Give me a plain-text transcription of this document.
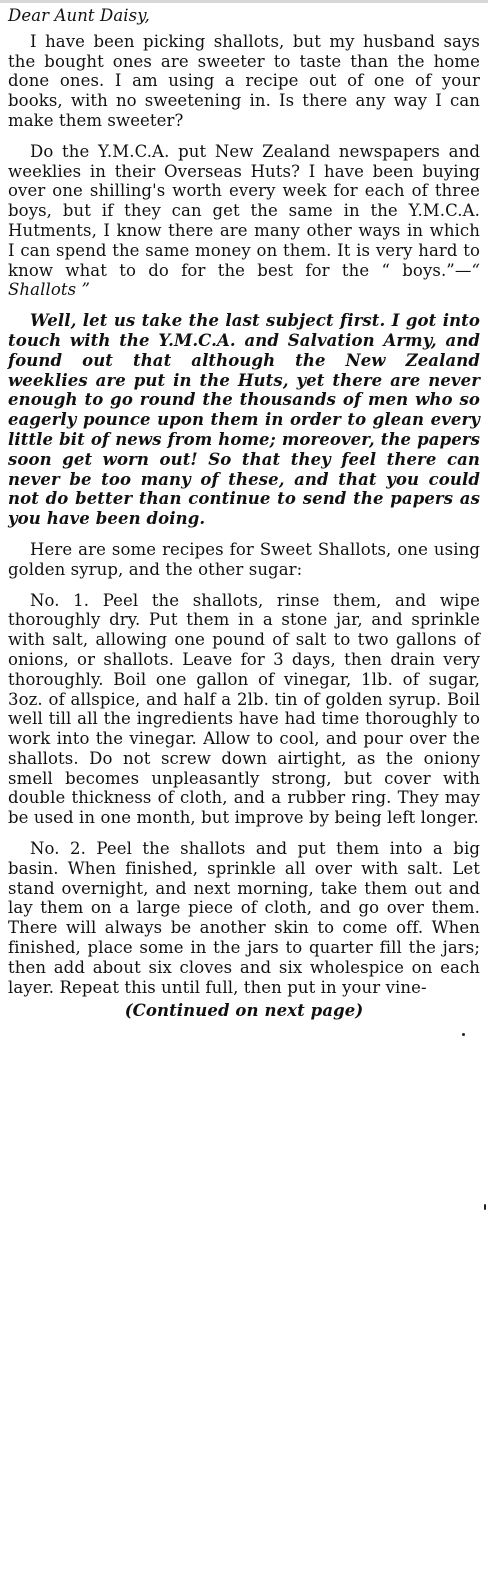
Dear Aunt Daisy,

I have been picking shallots, but my husband says the bought ones are sweeter to taste than the home done ones. I am using a recipe out of one of your books, with no sweetening in. Is there any way I can make them sweeter?

Do the Y.M.C.A. put New Zealand newspapers and weeklies in their Overseas Huts? I have been buying over one shilling's worth every week for each of three boys, but if they can get the same in the Y.M.C.A. Hutments, I know there are many other ways in which I can spend the same money on them. It is very hard to know what to do for the best for the “ boys.”—“ Shallots ”

Well, let us take the last subject first. I got into touch with the Y.M.C.A. and Salvation Army, and found out that although the New Zealand weeklies are put in the Huts, yet there are never enough to go round the thousands of men who so eagerly pounce upon them in order to glean every little bit of news from home; moreover, the papers soon get worn out! So that they feel there can never be too many of these, and that you could not do better than continue to send the papers as you have been doing.

Here are some recipes for Sweet Shallots, one using golden syrup, and the other sugar:

No. 1. Peel the shallots, rinse them, and wipe thoroughly dry. Put them in a stone jar, and sprinkle with salt, allowing one pound of salt to two gallons of onions, or shallots. Leave for 3 days, then drain very thoroughly. Boil one gallon of vinegar, 1lb. of sugar, 3oz. of allspice, and half a 2lb. tin of golden syrup. Boil well till all the ingredients have had time thoroughly to work into the vinegar. Allow to cool, and pour over the shallots. Do not screw down airtight, as the oniony smell becomes unpleasantly strong, but cover with double thickness of cloth, and a rubber ring. They may be used in one month, but improve by being left longer.

No. 2. Peel the shallots and put them into a big basin. When finished, sprinkle all over with salt. Let stand overnight, and next morning, take them out and lay them on a large piece of cloth, and go over them. There will always be another skin to come off. When finished, place some in the jars to quarter fill the jars; then add about six cloves and six wholespice on each layer. Repeat this until full, then put in your vine-

(Continued on next page)
